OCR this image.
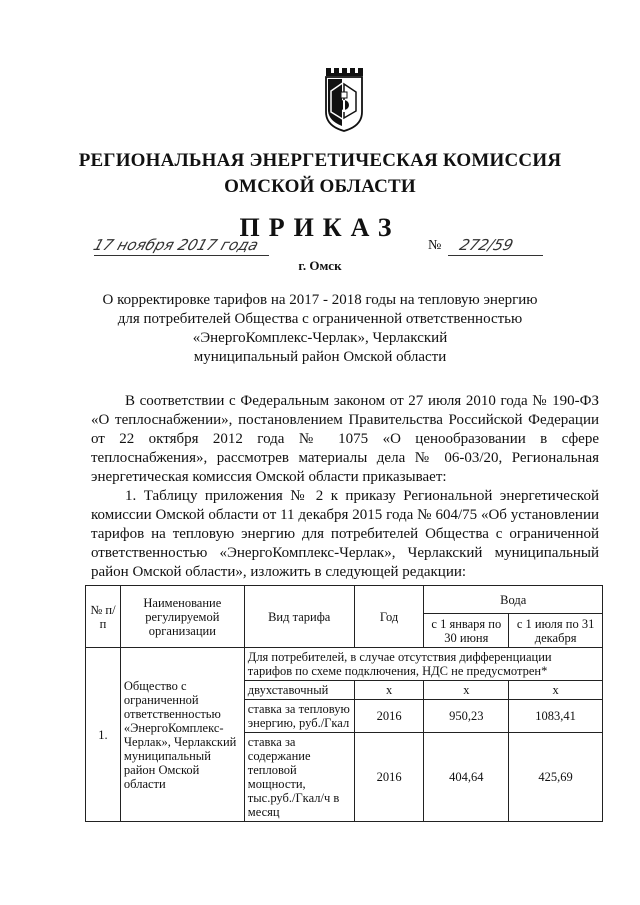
РЕГИОНАЛЬНАЯ ЭНЕРГЕТИЧЕСКАЯ КОМИССИЯ
ОМСКОЙ ОБЛАСТИ
ПРИКАЗ
17 ноября 2017 года	№ 272/59
г. Омск
О корректировке тарифов на 2017 - 2018 годы на тепловую энергию
для потребителей Общества с ограниченной ответственностью
«ЭнергоКомплекс-Черлак», Черлакский
муниципальный район Омской области

В соответствии с Федеральным законом от 27 июля 2010 года № 190-ФЗ «О теплоснабжении», постановлением Правительства Российской Федерации от 22 октября 2012 года № 1075 «О ценообразовании в сфере теплоснабжения», рассмотрев материалы дела № 06-03/20, Региональная энергетическая комиссия Омской области приказывает:

1. Таблицу приложения № 2 к приказу Региональной энергетической комиссии Омской области от 11 декабря 2015 года № 604/75 «Об установлении тарифов на тепловую энергию для потребителей Общества с ограниченной ответственностью «ЭнергоКомплекс-Черлак», Черлакский муниципальный район Омской области», изложить в следующей редакции:

№ п/п	Наименование регулируемой организации	Вид тарифа	Год	Вода	
				с 1 января по 30 июня	с 1 июля по 31 декабря
1.	Общество с ограниченной ответственностью «ЭнергоКомплекс-Черлак», Черлакский муниципальный район Омской области	Для потребителей, в случае отсутствия дифференциации тарифов по схеме подключения, НДС не предусмотрен*			
		двухставочный	х	х	х
		ставка за тепловую энергию, руб./Гкал	2016	950,23	1083,41
		ставка за содержание тепловой мощности, тыс.руб./Гкал/ч в месяц	2016	404,64	425,69
